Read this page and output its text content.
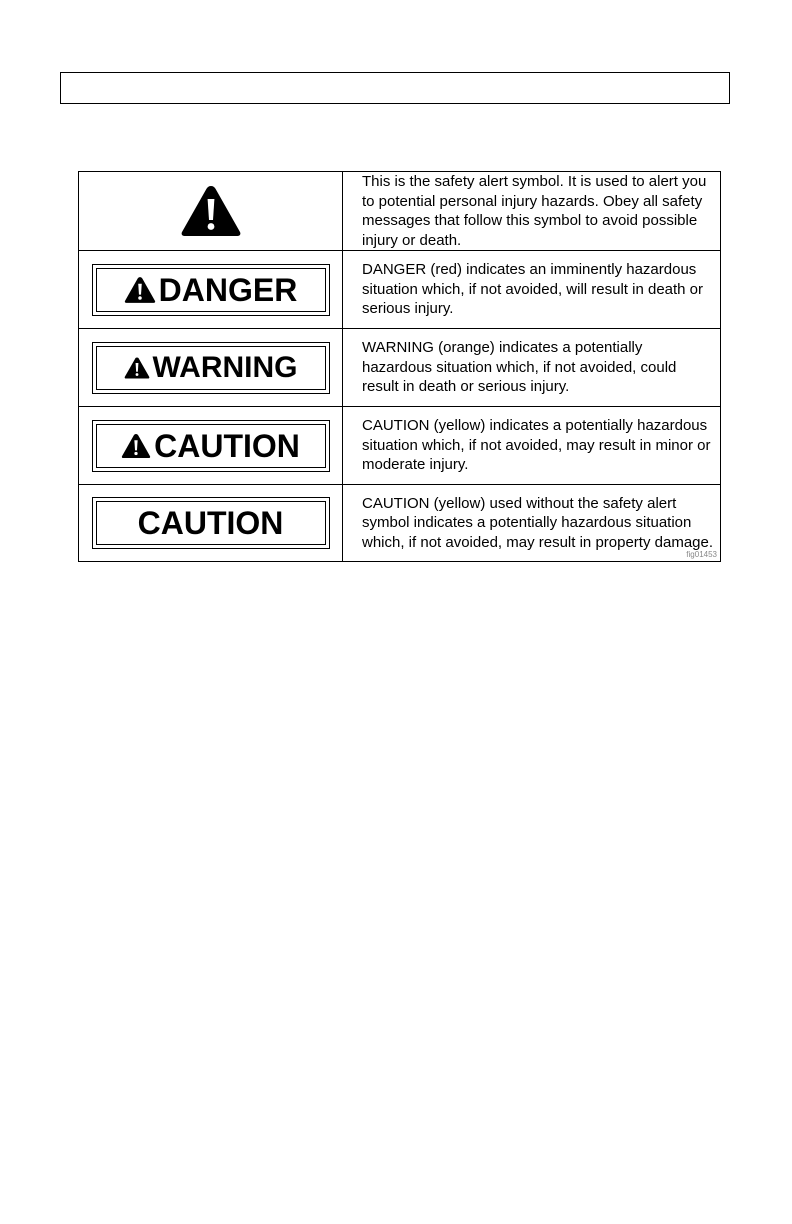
	This is the safety alert symbol. It is used to alert you to potential personal injury hazards. Obey all safety messages that follow this symbol to avoid possible injury or death.

DANGER	DANGER (red) indicates an imminently hazardous situation which, if not avoided, will result in death or serious injury.

WARNING	WARNING (orange) indicates a potentially hazardous situation which, if not avoided, could result in death or serious injury.

CAUTION	CAUTION (yellow) indicates a potentially hazardous situation which, if not avoided, may result in minor or moderate injury.

CAUTION	CAUTION (yellow) used without the safety alert symbol indicates a potentially hazardous situation which, if not avoided, may result in property damage.
fig01453
